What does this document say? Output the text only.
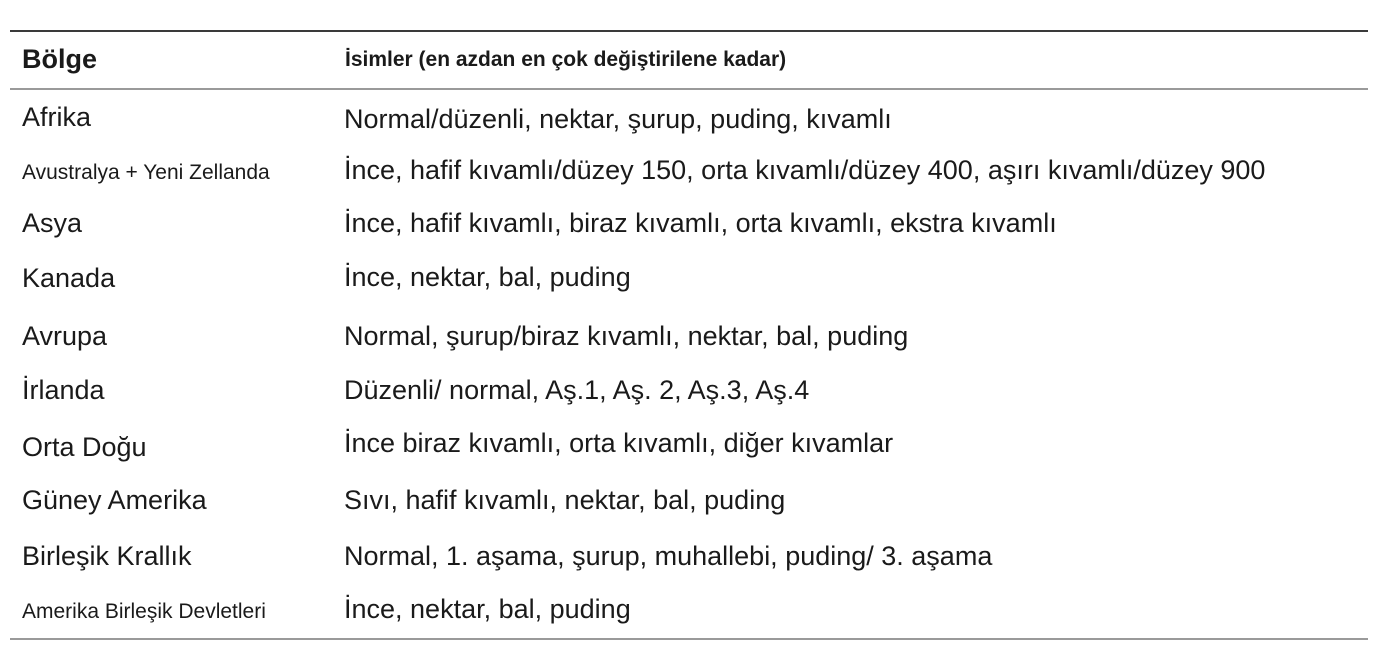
Bölge	İsimler (en azdan en çok değiştirilene kadar)
Afrika	Normal/düzenli, nektar, şurup, puding, kıvamlı
Avustralya + Yeni Zellanda	İnce, hafif kıvamlı/düzey 150, orta kıvamlı/düzey 400, aşırı kıvamlı/düzey 900
Asya	İnce, hafif kıvamlı, biraz kıvamlı, orta kıvamlı, ekstra kıvamlı
Kanada	İnce, nektar, bal, puding
Avrupa	Normal, şurup/biraz kıvamlı, nektar, bal, puding
İrlanda	Düzenli/ normal, Aş.1, Aş. 2, Aş.3, Aş.4
Orta Doğu	İnce biraz kıvamlı, orta kıvamlı, diğer kıvamlar
Güney Amerika	Sıvı, hafif kıvamlı, nektar, bal, puding
Birleşik Krallık	Normal, 1. aşama, şurup, muhallebi, puding/ 3. aşama
Amerika Birleşik Devletleri	İnce, nektar, bal, puding
